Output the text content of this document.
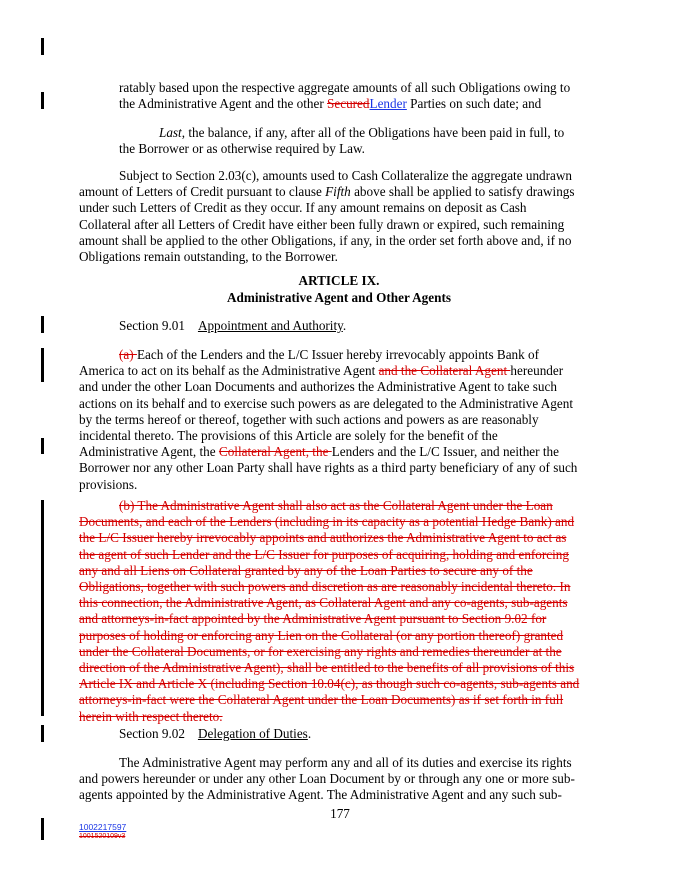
ratably based upon the respective aggregate amounts of all such Obligations owing to
the Administrative Agent and the other SecuredLender Parties on such date; and
Last, the balance, if any, after all of the Obligations have been paid in full, to
the Borrower or as otherwise required by Law.
Subject to Section 2.03(c), amounts used to Cash Collateralize the aggregate undrawn
amount of Letters of Credit pursuant to clause Fifth above shall be applied to satisfy drawings
under such Letters of Credit as they occur. If any amount remains on deposit as Cash
Collateral after all Letters of Credit have either been fully drawn or expired, such remaining
amount shall be applied to the other Obligations, if any, in the order set forth above and, if no
Obligations remain outstanding, to the Borrower.
ARTICLE IX.
Administrative Agent and Other Agents
Section 9.01 Appointment and Authority.
(a) Each of the Lenders and the L/C Issuer hereby irrevocably appoints Bank of
America to act on its behalf as the Administrative Agent and the Collateral Agent hereunder
and under the other Loan Documents and authorizes the Administrative Agent to take such
actions on its behalf and to exercise such powers as are delegated to the Administrative Agent
by the terms hereof or thereof, together with such actions and powers as are reasonably
incidental thereto. The provisions of this Article are solely for the benefit of the
Administrative Agent, the Collateral Agent, the Lenders and the L/C Issuer, and neither the
Borrower nor any other Loan Party shall have rights as a third party beneficiary of any of such
provisions.
(b) The Administrative Agent shall also act as the Collateral Agent under the Loan
Documents, and each of the Lenders (including in its capacity as a potential Hedge Bank) and
the L/C Issuer hereby irrevocably appoints and authorizes the Administrative Agent to act as
the agent of such Lender and the L/C Issuer for purposes of acquiring, holding and enforcing
any and all Liens on Collateral granted by any of the Loan Parties to secure any of the
Obligations, together with such powers and discretion as are reasonably incidental thereto. In
this connection, the Administrative Agent, as Collateral Agent and any co-agents, sub-agents
and attorneys-in-fact appointed by the Administrative Agent pursuant to Section 9.02 for
purposes of holding or enforcing any Lien on the Collateral (or any portion thereof) granted
under the Collateral Documents, or for exercising any rights and remedies thereunder at the
direction of the Administrative Agent), shall be entitled to the benefits of all provisions of this
Article IX and Article X (including Section 10.04(c), as though such co-agents, sub-agents and
attorneys-in-fact were the Collateral Agent under the Loan Documents) as if set forth in full
herein with respect thereto.
Section 9.02 Delegation of Duties.
The Administrative Agent may perform any and all of its duties and exercise its rights
and powers hereunder or under any other Loan Document by or through any one or more sub-
agents appointed by the Administrative Agent. The Administrative Agent and any such sub-
177
1002217597
1001520109v3
